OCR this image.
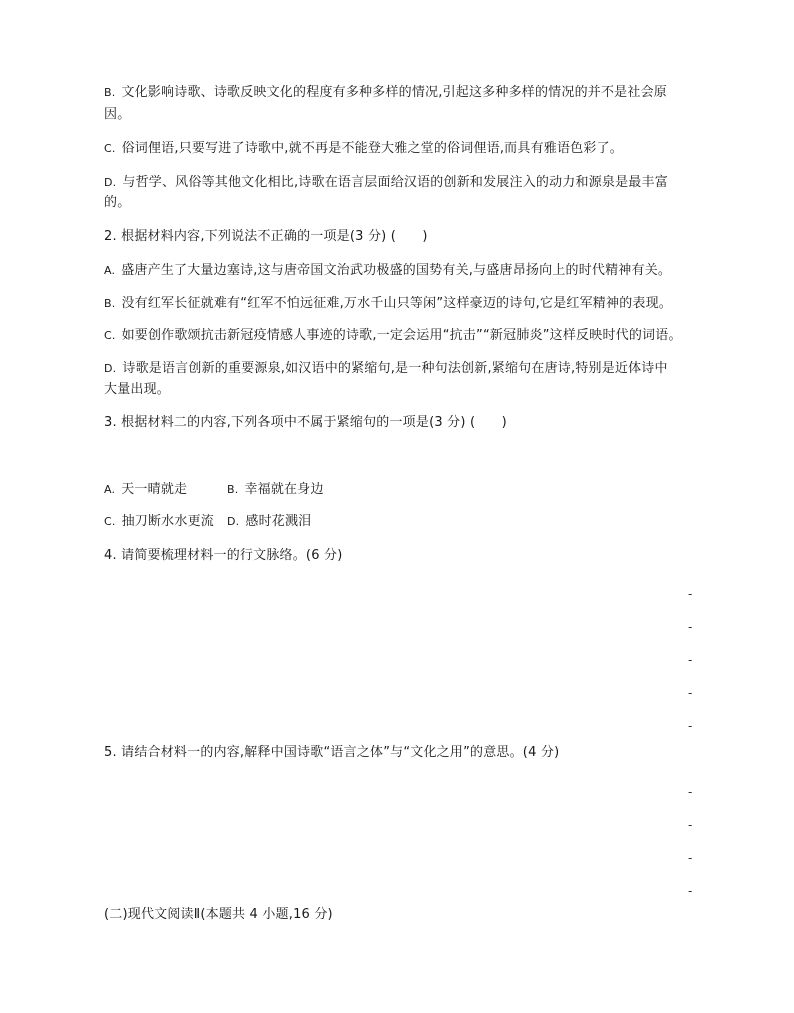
B. 文化影响诗歌、诗歌反映文化的程度有多种多样的情况,引起这多种多样的情况的并不是社会原
因。
C. 俗词俚语,只要写进了诗歌中,就不再是不能登大雅之堂的俗词俚语,而具有雅语色彩了。
D. 与哲学、风俗等其他文化相比,诗歌在语言层面给汉语的创新和发展注入的动力和源泉是最丰富
的。
2. 根据材料内容,下列说法不正确的一项是(3 分) (　　)
A. 盛唐产生了大量边塞诗,这与唐帝国文治武功极盛的国势有关,与盛唐昂扬向上的时代精神有关。
B. 没有红军长征就难有“红军不怕远征难,万水千山只等闲”这样豪迈的诗句,它是红军精神的表现。
C. 如要创作歌颂抗击新冠疫情感人事迹的诗歌,一定会运用“抗击”“新冠肺炎”这样反映时代的词语。
D. 诗歌是语言创新的重要源泉,如汉语中的紧缩句,是一种句法创新,紧缩句在唐诗,特别是近体诗中
大量出现。
3. 根据材料二的内容,下列各项中不属于紧缩句的一项是(3 分) (　　)
A. 天一晴就走	B. 幸福就在身边
C. 抽刀断水水更流 D. 感时花溅泪
4. 请简要梳理材料一的行文脉络。(6 分)
-
-
-
-
-
5. 请结合材料一的内容,解释中国诗歌“语言之体”与“文化之用”的意思。(4 分)
-
-
-
-
(二)现代文阅读Ⅱ(本题共 4 小题,16 分)
